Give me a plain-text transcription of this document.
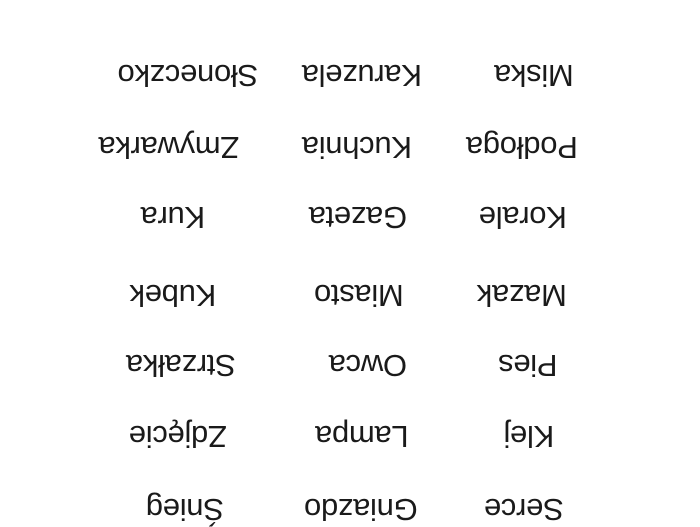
Miska
Karuzela
Słoneczko
Podłoga
Kuchnia
Zmywarka
Korale
Gazeta
Kura
Mazak
Miasto
Kubek
Pies
Owca
Strzałka
Klej
Lampa
Zdjęcie
Serce
Gniazdo
Śnieg
